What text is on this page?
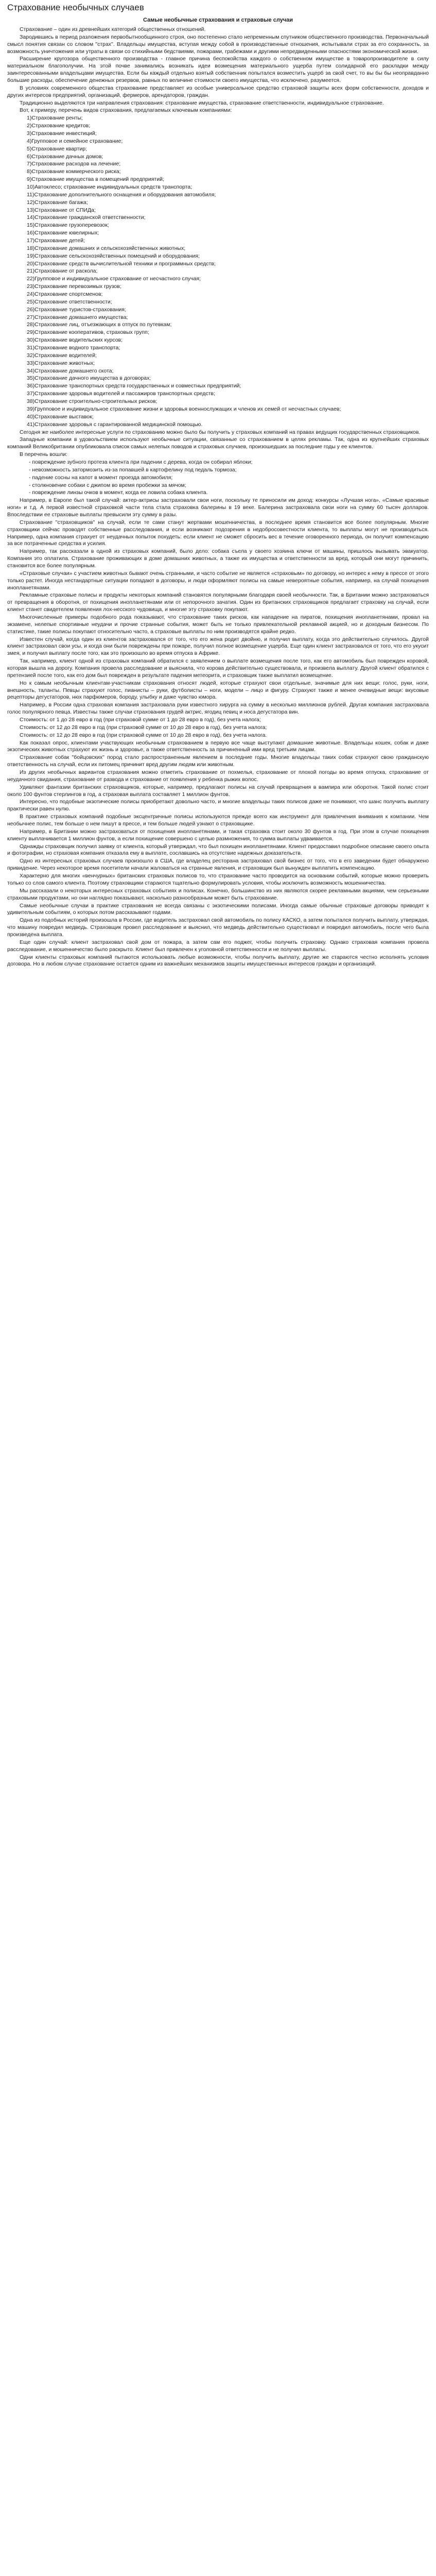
Страхование необычных случаев
Самые необычные страхования и страховые случаи

Страхование – один из древнейших категорий общественных отношений.

Зародившись в период разложения первобытнообщинного строя, оно постепенно стало непременным спутником общественного производства. Первоначальный смысл понятия связан со словом "страх". Владельцы имущества, вступая между собой в производственные отношения, испытывали страх за его сохранность, за возможность уничтожения или утраты в связи со стихийными бедствиями, пожарами, грабежами и другими непредвиденными опасностями экономической жизни.

Расширение кругозора общественного производства - главное причина беспокойства каждого о собственном имуществе в товаропроизводителе в силу материальном благополучии. На этой почве занимались возникать идеи возмещения материального ущерба путем солидарной его раскладки между заинтересованными владельцами имущества. Если бы каждый отдельно взятый собственник попытался возместить ущерб за свой счет, то вы бы бы неоправданно большие расходы, обеспечение денежных резервов, равных по величине стоимости своего имущества, что исключено, разумеется.

В условиях современного общества страхование представляет из особые универсальное средство страховой защиты всех форм собственности, доходов и других интересов предприятий, организаций, фермеров, арендаторов, граждан.

Традиционно выделяются три направления страхования: страхование имущества, страхование ответственности, индивидуальное страхование.

Вот, к примеру, перечень видов страхования, предлагаемых ключевым компаниями:

1)Страхование ренты;

2)Страхование кредитов;

3)Страхование инвестиций;

4)Групповое и семейное страхование;

5)Страхование квартир;

6)Страхование дачных домов;

7)Страхование расходов на лечение;

8)Страхование коммерческого риска;

9)Страхование имущества в помещений предприятий;

10)Автоклесо; страхование индивидуальных средств транспорта;

11)Страхование дополнительного оснащения и оборудования автомобиля;

12)Страхование багажа;

13)Страхование от СПИДа;

14)Страхование гражданской ответственности;

15)Страхование грузоперевозок;

16)Страхование ювелирных;

17)Страхование детей;

18)Страхование домашних и сельскохозяйственных животных;

19)Страхование сельскохозяйственных помещений и оборудования;

20)Страхование средств вычислительной техники и программных средств;

21)Страхование от раскола;

22)Групповое и индивидуальное страхование от несчастного случая;

23)Страхование перевозимых грузов;

24)Страхование спортсменов;

25)Страхование ответственности;

26)Страхование туристов-страхования;

27)Страхование домашнего имущества;

28)Страхование лиц, отъезжающих в отпуск по путевкам;

29)Страхование кооперативов, страховых групп;

30)Страхование водительских курсов;

31)Страхование водного транспорта;

32)Страхование водителей;

33)Страхование животных;

34)Страхование домашнего скота;

35)Страхование дачного имущества в договорах;

36)Страхование транспортных средств государственных и совместных предприятий;

37)Страхование здоровья водителей и пассажиров транспортных средств;

38)Страхование строительно-строительных рисков;

39)Групповое и индивидуальное страхование жизни и здоровья военнослужащих и членов их семей от несчастных случаев;

40)Страхование выставок;

41)Страхование здоровья с гарантированной медицинской помощью.

Сегодня же наиболее интересные услуги по страхованию можно было бы получить у страховых компаний на правах ведущих государственных страховщиков.

Западные компании в удовольствием используют необычные ситуации, связанные со страхованием в целях рекламы. Так, одна из крупнейших страховых компаний Великобритании опубликовала список самых нелепых поводов и страховых случаев, произошедших за последние годы у ее клиентов.

В перечень вошли:

- повреждение зубного протеза клиента при падении с дерева, когда он собирал яблоки;

- невозможность затормозить из-за попавшей в картофелину под педаль тормоза;

- падение сосны на капот в момент проезда автомобиля;

- столкновение собаки с джипом во время пробежки за мячом;

- повреждение линзы очков в момент, когда ее ловила собака клиента.

Например, в Европе был такой случай: актер-актрисы застраховали свои ноги, поскольку те приносили им доход: конкурсы «Лучшая нога», «Самые красивые ноги» и т.д. А первой известной страховкой части тела стала страховка балерины в 19 веке. Балерина застраховала свои ноги на сумму 60 тысяч долларов. Впоследствии ее страховые выплаты превысили эту сумму в разы.

Страхование "страховщиков" на случай, если те сами станут жертвами мошенничества, в последнее время становится все более популярным. Многие страховщики сейчас проводят собственные расследования, и если возникают подозрения в недобросовестности клиента, то выплаты могут не производиться. Например, одна компания страхует от неудачных попыток похудеть: если клиент не сможет сбросить вес в течение оговоренного периода, он получит компенсацию за все потраченные средства и усилия.

Например, так рассказали в одной из страховых компаний, было дело: собака съела у своего хозяина ключи от машины, пришлось вызывать эвакуатор. Компания это оплатила. Страхование проживающих в доме домашних животных, а также их имущества и ответственности за вред, который они могут причинить, становится все более популярным.

«Страховые случаи» с участием животных бывают очень странными, и часто событие не является «страховым» по договору, но интерес к нему в прессе от этого только растет. Иногда нестандартные ситуации попадают в договоры, и люди оформляют полисы на самые невероятные события, например, на случай похищения инопланетянами.

Рекламные страховые полисы и продукты некоторых компаний становятся популярными благодаря своей необычности. Так, в Британии можно застраховаться от превращения в оборотня, от похищения инопланетянами или от непорочного зачатия. Один из британских страховщиков предлагает страховку на случай, если клиент станет свидетелем появления лох-несского чудовища, и многие эту страховку покупают.

Многочисленные примеры подобного рода показывают, что страхование таких рисков, как нападение на пиратов, похищения инопланетянами, провал на экзамене, нелепые спортивные неудачи и прочие странные события, может быть не только привлекательной рекламной акцией, но и доходным бизнесом. По статистике, такие полисы покупают относительно часто, а страховые выплаты по ним производятся крайне редко.

Известен случай, когда один из клиентов застраховался от того, что его жена родит двойню, и получил выплату, когда это действительно случилось. Другой клиент застраховал свои усы, и когда они были повреждены при пожаре, получил полное возмещение ущерба. Еще один клиент застраховался от того, что его укусит змея, и получил выплату после того, как это произошло во время отпуска в Африке.

Так, например, клиент одной из страховых компаний обратился с заявлением о выплате возмещения после того, как его автомобиль был поврежден коровой, которая вышла на дорогу. Компания провела расследование и выяснила, что корова действительно существовала, и произвела выплату. Другой клиент обратился с претензией после того, как его дом был поврежден в результате падения метеорита, и страховщик также выплатил возмещение.

Но к самым необычным клиентам-участникам страхования относят людей, которые страхуют свои отдельные, значимые для них вещи: голос, руки, ноги, внешность, таланты. Певцы страхуют голос, пианисты – руки, футболисты – ноги, модели – лицо и фигуру. Страхуют также и менее очевидные вещи: вкусовые рецепторы дегустаторов, нюх парфюмеров, бороду, улыбку и даже чувство юмора.

Например, в России одна страховая компания застраховала руки известного хирурга на сумму в несколько миллионов рублей. Другая компания застраховала голос популярного певца. Известны также случаи страхования грудей актрис, ягодиц певиц и носа дегустатора вин.

Стоимость: от 1 до 28 евро в год (при страховой сумме от 1 до 28 евро в год), без учета налога;

Стоимость: от 12 до 28 евро в год (при страховой сумме от 10 до 28 евро в год), без учета налога;

Стоимость: от 12 до 28 евро в год (при страховой сумме от 10 до 28 евро в год), без учета налога.

Как показал опрос, клиентами участвующих необычным страхованием в первую все чаще выступают домашние животные. Владельцы кошек, собак и даже экзотических животных страхуют их жизнь и здоровье, а также ответственность за причиненный ими вред третьим лицам.

Страхование собак "бойцовских" пород стало распространенным явлением в последние годы. Многие владельцы таких собак страхуют свою гражданскую ответственность на случай, если их питомец причинит вред другим людям или животным.

Из других необычных вариантов страхования можно отметить страхование от похмелья, страхование от плохой погоды во время отпуска, страхование от неудачного свидания, страхование от развода и страхование от появления у ребенка рыжих волос.

Удивляют фантазии британских страховщиков, которые, например, предлагают полисы на случай превращения в вампира или оборотня. Такой полис стоит около 100 фунтов стерлингов в год, а страховая выплата составляет 1 миллион фунтов.

Интересно, что подобные экзотические полисы приобретают довольно часто, и многие владельцы таких полисов даже не понимают, что шанс получить выплату практически равен нулю.

В практике страховых компаний подобные эксцентричные полисы используются прежде всего как инструмент для привлечения внимания к компании. Чем необычнее полис, тем больше о нем пишут в прессе, и тем больше людей узнают о страховщике.

Например, в Британии можно застраховаться от похищения инопланетянами, и такая страховка стоит около 30 фунтов в год. При этом в случае похищения клиенту выплачивается 1 миллион фунтов, а если похищение совершено с целью размножения, то сумма выплаты удваивается.

Однажды страховщик получил заявку от клиента, который утверждал, что был похищен инопланетянами. Клиент предоставил подробное описание своего опыта и фотографии, но страховая компания отказала ему в выплате, сославшись на отсутствие надежных доказательств.

Одно из интересных страховых случаев произошло в США, где владелец ресторана застраховал свой бизнес от того, что в его заведении будет обнаружено привидение. Через некоторое время посетители начали жаловаться на странные явления, и страховщик был вынужден выплатить компенсацию.

Характерно для многих «венчурных» британских страховых полисов то, что страхование часто проводится на основании событий, которые можно проверить только со слов самого клиента. Поэтому страховщики стараются тщательно формулировать условия, чтобы исключить возможность мошенничества.

Мы рассказали о некоторых интересных страховых событиях и полисах. Конечно, большинство из них являются скорее рекламными акциями, чем серьезными страховыми продуктами, но они наглядно показывают, насколько разнообразным может быть страхование.

Самые необычные случаи в практике страхования не всегда связаны с экзотическими полисами. Иногда самые обычные страховые договоры приводят к удивительным событиям, о которых потом рассказывают годами.

Одна из подобных историй произошла в России, где водитель застраховал свой автомобиль по полису КАСКО, а затем попытался получить выплату, утверждая, что машину повредил медведь. Страховщик провел расследование и выяснил, что медведь действительно существовал и повредил автомобиль, после чего была произведена выплата.

Еще один случай: клиент застраховал свой дом от пожара, а затем сам его поджег, чтобы получить страховку. Однако страховая компания провела расследование, и мошенничество было раскрыто. Клиент был привлечен к уголовной ответственности и не получил выплаты.

Одни клиенты страховых компаний пытаются использовать любые возможности, чтобы получить выплату, другие же стараются честно исполнять условия договора. Но в любом случае страхование остается одним из важнейших механизмов защиты имущественных интересов граждан и организаций.
